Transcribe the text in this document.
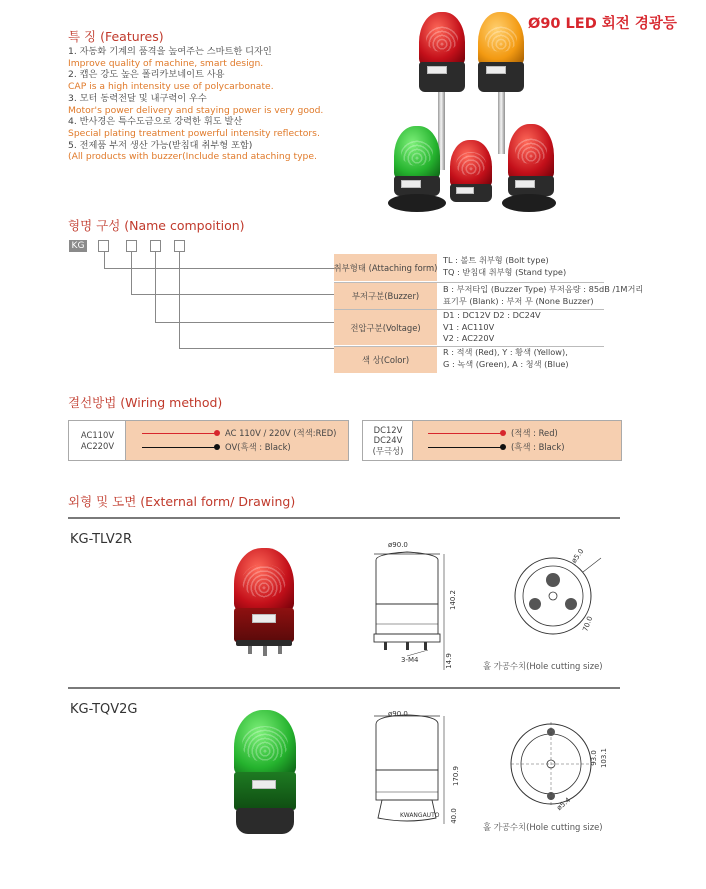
Ø90 LED 회전 경광등
특 징 (Features)
1. 자동화 기계의 품격을 높여주는 스마트한 디자인
Improve quality of machine, smart design.
2. 캡은 강도 높은 폴리카보네이트 사용
CAP is a high intensity use of polycarbonate.
3. 모터 동력전달 및 내구력이 우수
Motor's power delivery and staying power is very good.
4. 반사경은 특수도금으로 강력한 휘도 발산
Special plating treatment powerful intensity reflectors.
5. 전제품 부저 생산 가능(받침대 취부형 포함)
(All products with buzzer(Include stand ataching type.
형명 구성 (Name compoition)
KG
취부형태 (Attaching form)
TL : 볼트 취부형 (Bolt type)
TQ : 받침대 취부형 (Stand type)
부저구분(Buzzer)
B : 부저타입 (Buzzer Type) 부저음량 : 85dB /1M거리
표기무 (Blank) : 부저 무 (None Buzzer)
전압구분(Voltage)
D1 : DC12V D2 : DC24V
V1 : AC110V
V2 : AC220V
색 상(Color)
R : 적색 (Red), Y : 황색 (Yellow),
G : 녹색 (Green), A : 청색 (Blue)
결선방법 (Wiring method)
AC110V
AC220V
AC 110V / 220V (적색:RED)
OV(흑색 : Black)
DC12V
DC24V
(무극성)
(적색 : Red)
(흑색 : Black)
외형 및 도면 (External form/ Drawing)
KG-TLV2R	ø90.0
140.2
14.9
3-M4
ø5.0
70.0
홀 가공수치(Hole cutting size)
KG-TQV2G	ø90.0
170.9
40.0
KWANGAUTO
93.0 103.1
ø5.4
홀 가공수치(Hole cutting size)
